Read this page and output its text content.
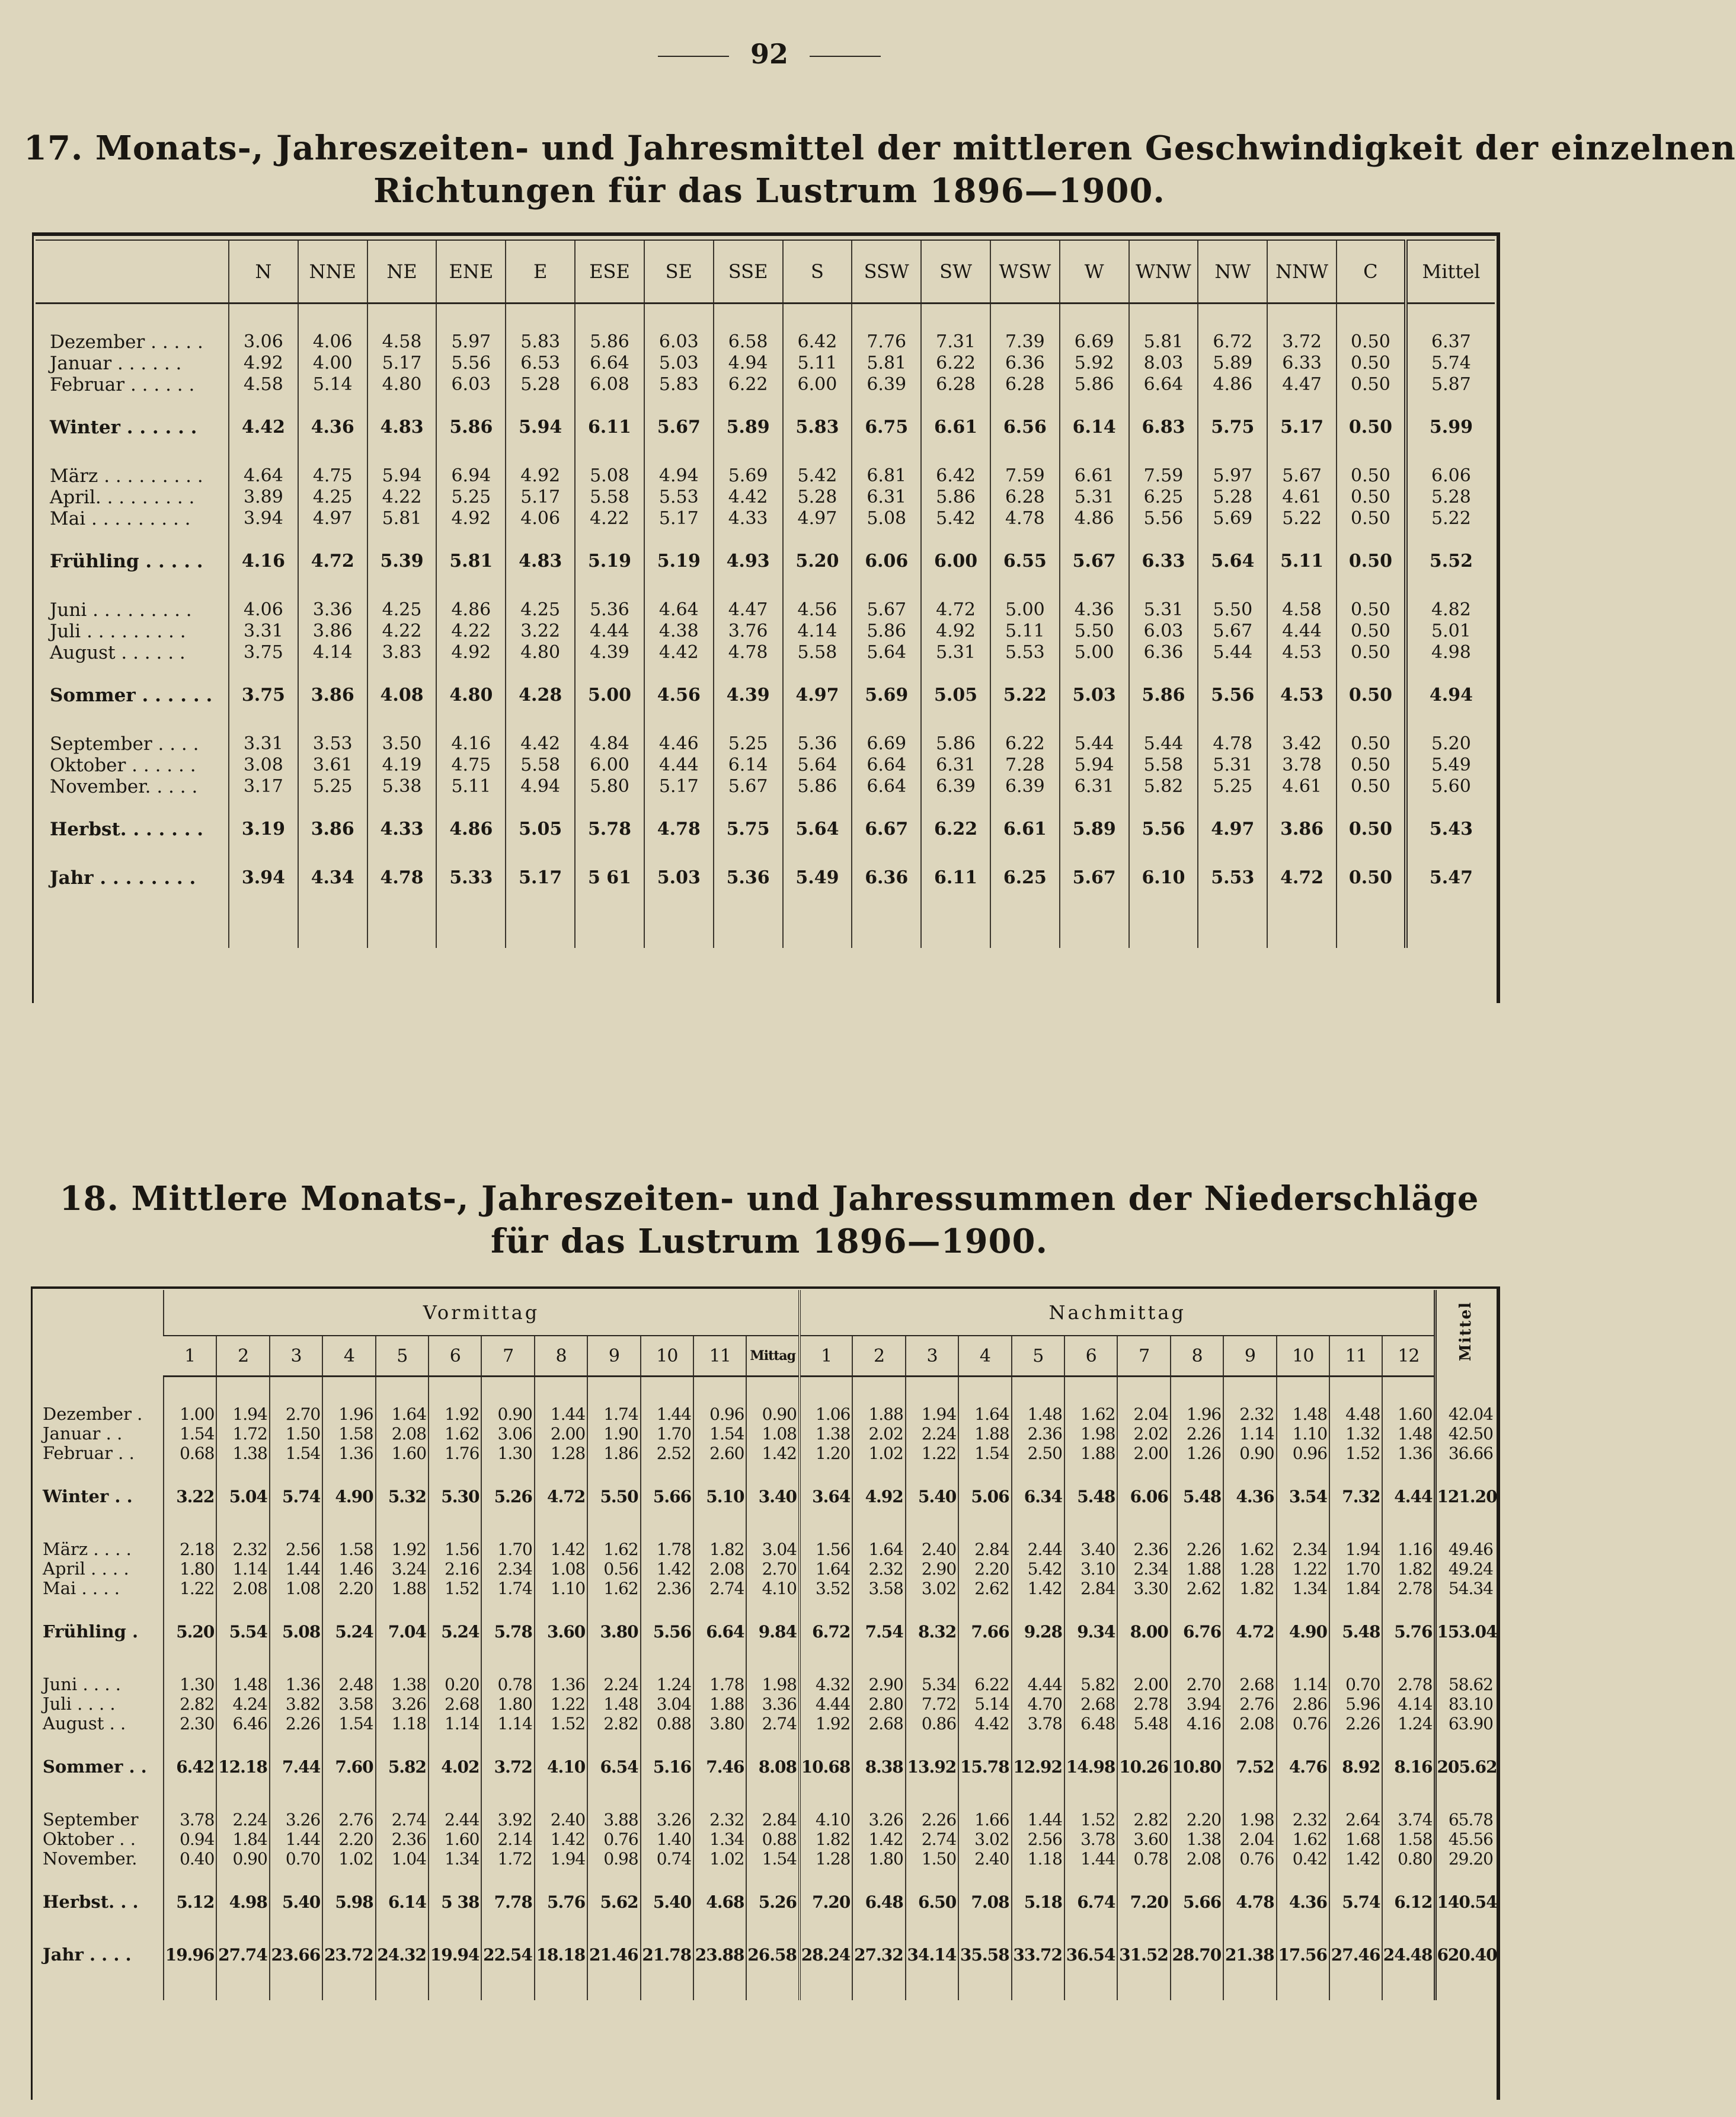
92
17. Monats-, Jahreszeiten- und Jahresmittel der mittleren Geschwindigkeit der einzelnen
Richtungen für das Lustrum 1896—1900.
	N	NNE	NE	ENE	E	ESE	SE	SSE	S	SSW	SW	WSW	W	WNW	NW	NNW	C	Mittel

Dezember . . . . .	3.06	4.06	4.58	5.97	5.83	5.86	6.03	6.58	6.42	7.76	7.31	7.39	6.69	5.81	6.72	3.72	0.50	6.37
Januar . . . . . .	4.92	4.00	5.17	5.56	6.53	6.64	5.03	4.94	5.11	5.81	6.22	6.36	5.92	8.03	5.89	6.33	0.50	5.74
Februar . . . . . .	4.58	5.14	4.80	6.03	5.28	6.08	5.83	6.22	6.00	6.39	6.28	6.28	5.86	6.64	4.86	4.47	0.50	5.87

Winter . . . . . .	4.42	4.36	4.83	5.86	5.94	6.11	5.67	5.89	5.83	6.75	6.61	6.56	6.14	6.83	5.75	5.17	0.50	5.99

März . . . . . . . . .	4.64	4.75	5.94	6.94	4.92	5.08	4.94	5.69	5.42	6.81	6.42	7.59	6.61	7.59	5.97	5.67	0.50	6.06
April. . . . . . . . .	3.89	4.25	4.22	5.25	5.17	5.58	5.53	4.42	5.28	6.31	5.86	6.28	5.31	6.25	5.28	4.61	0.50	5.28
Mai . . . . . . . . .	3.94	4.97	5.81	4.92	4.06	4.22	5.17	4.33	4.97	5.08	5.42	4.78	4.86	5.56	5.69	5.22	0.50	5.22

Frühling . . . . .	4.16	4.72	5.39	5.81	4.83	5.19	5.19	4.93	5.20	6.06	6.00	6.55	5.67	6.33	5.64	5.11	0.50	5.52

Juni . . . . . . . . .	4.06	3.36	4.25	4.86	4.25	5.36	4.64	4.47	4.56	5.67	4.72	5.00	4.36	5.31	5.50	4.58	0.50	4.82
Juli . . . . . . . . .	3.31	3.86	4.22	4.22	3.22	4.44	4.38	3.76	4.14	5.86	4.92	5.11	5.50	6.03	5.67	4.44	0.50	5.01
August . . . . . .	3.75	4.14	3.83	4.92	4.80	4.39	4.42	4.78	5.58	5.64	5.31	5.53	5.00	6.36	5.44	4.53	0.50	4.98

Sommer . . . . . .	3.75	3.86	4.08	4.80	4.28	5.00	4.56	4.39	4.97	5.69	5.05	5.22	5.03	5.86	5.56	4.53	0.50	4.94

September . . . .	3.31	3.53	3.50	4.16	4.42	4.84	4.46	5.25	5.36	6.69	5.86	6.22	5.44	5.44	4.78	3.42	0.50	5.20
Oktober . . . . . .	3.08	3.61	4.19	4.75	5.58	6.00	4.44	6.14	5.64	6.64	6.31	7.28	5.94	5.58	5.31	3.78	0.50	5.49
November. . . . .	3.17	5.25	5.38	5.11	4.94	5.80	5.17	5.67	5.86	6.64	6.39	6.39	6.31	5.82	5.25	4.61	0.50	5.60

Herbst. . . . . . .	3.19	3.86	4.33	4.86	5.05	5.78	4.78	5.75	5.64	6.67	6.22	6.61	5.89	5.56	4.97	3.86	0.50	5.43

Jahr . . . . . . . .	3.94	4.34	4.78	5.33	5.17	5 61	5.03	5.36	5.49	6.36	6.11	6.25	5.67	6.10	5.53	4.72	0.50	5.47

18. Mittlere Monats-, Jahreszeiten- und Jahressummen der Niederschläge
für das Lustrum 1896—1900.
	Vormittag												Nachmittag												Mittel
	1	2	3	4	5	6	7	8	9	10	11	Mittag	1	2	3	4	5	6	7	8	9	10	11	12	

Dezember .	1.00	1.94	2.70	1.96	1.64	1.92	0.90	1.44	1.74	1.44	0.96	0.90	1.06	1.88	1.94	1.64	1.48	1.62	2.04	1.96	2.32	1.48	4.48	1.60	42.04
Januar . .	1.54	1.72	1.50	1.58	2.08	1.62	3.06	2.00	1.90	1.70	1.54	1.08	1.38	2.02	2.24	1.88	2.36	1.98	2.02	2.26	1.14	1.10	1.32	1.48	42.50
Februar . .	0.68	1.38	1.54	1.36	1.60	1.76	1.30	1.28	1.86	2.52	2.60	1.42	1.20	1.02	1.22	1.54	2.50	1.88	2.00	1.26	0.90	0.96	1.52	1.36	36.66

Winter . .	3.22	5.04	5.74	4.90	5.32	5.30	5.26	4.72	5.50	5.66	5.10	3.40	3.64	4.92	5.40	5.06	6.34	5.48	6.06	5.48	4.36	3.54	7.32	4.44	121.20

März . . . .	2.18	2.32	2.56	1.58	1.92	1.56	1.70	1.42	1.62	1.78	1.82	3.04	1.56	1.64	2.40	2.84	2.44	3.40	2.36	2.26	1.62	2.34	1.94	1.16	49.46
April . . . .	1.80	1.14	1.44	1.46	3.24	2.16	2.34	1.08	0.56	1.42	2.08	2.70	1.64	2.32	2.90	2.20	5.42	3.10	2.34	1.88	1.28	1.22	1.70	1.82	49.24
Mai . . . .	1.22	2.08	1.08	2.20	1.88	1.52	1.74	1.10	1.62	2.36	2.74	4.10	3.52	3.58	3.02	2.62	1.42	2.84	3.30	2.62	1.82	1.34	1.84	2.78	54.34

Frühling .	5.20	5.54	5.08	5.24	7.04	5.24	5.78	3.60	3.80	5.56	6.64	9.84	6.72	7.54	8.32	7.66	9.28	9.34	8.00	6.76	4.72	4.90	5.48	5.76	153.04

Juni . . . .	1.30	1.48	1.36	2.48	1.38	0.20	0.78	1.36	2.24	1.24	1.78	1.98	4.32	2.90	5.34	6.22	4.44	5.82	2.00	2.70	2.68	1.14	0.70	2.78	58.62
Juli . . . .	2.82	4.24	3.82	3.58	3.26	2.68	1.80	1.22	1.48	3.04	1.88	3.36	4.44	2.80	7.72	5.14	4.70	2.68	2.78	3.94	2.76	2.86	5.96	4.14	83.10
August . .	2.30	6.46	2.26	1.54	1.18	1.14	1.14	1.52	2.82	0.88	3.80	2.74	1.92	2.68	0.86	4.42	3.78	6.48	5.48	4.16	2.08	0.76	2.26	1.24	63.90

Sommer . .	6.42	12.18	7.44	7.60	5.82	4.02	3.72	4.10	6.54	5.16	7.46	8.08	10.68	8.38	13.92	15.78	12.92	14.98	10.26	10.80	7.52	4.76	8.92	8.16	205.62

September	3.78	2.24	3.26	2.76	2.74	2.44	3.92	2.40	3.88	3.26	2.32	2.84	4.10	3.26	2.26	1.66	1.44	1.52	2.82	2.20	1.98	2.32	2.64	3.74	65.78
Oktober . .	0.94	1.84	1.44	2.20	2.36	1.60	2.14	1.42	0.76	1.40	1.34	0.88	1.82	1.42	2.74	3.02	2.56	3.78	3.60	1.38	2.04	1.62	1.68	1.58	45.56
November.	0.40	0.90	0.70	1.02	1.04	1.34	1.72	1.94	0.98	0.74	1.02	1.54	1.28	1.80	1.50	2.40	1.18	1.44	0.78	2.08	0.76	0.42	1.42	0.80	29.20

Herbst. . .	5.12	4.98	5.40	5.98	6.14	5 38	7.78	5.76	5.62	5.40	4.68	5.26	7.20	6.48	6.50	7.08	5.18	6.74	7.20	5.66	4.78	4.36	5.74	6.12	140.54

Jahr . . . .	19.96	27.74	23.66	23.72	24.32	19.94	22.54	18.18	21.46	21.78	23.88	26.58	28.24	27.32	34.14	35.58	33.72	36.54	31.52	28.70	21.38	17.56	27.46	24.48	620.40
